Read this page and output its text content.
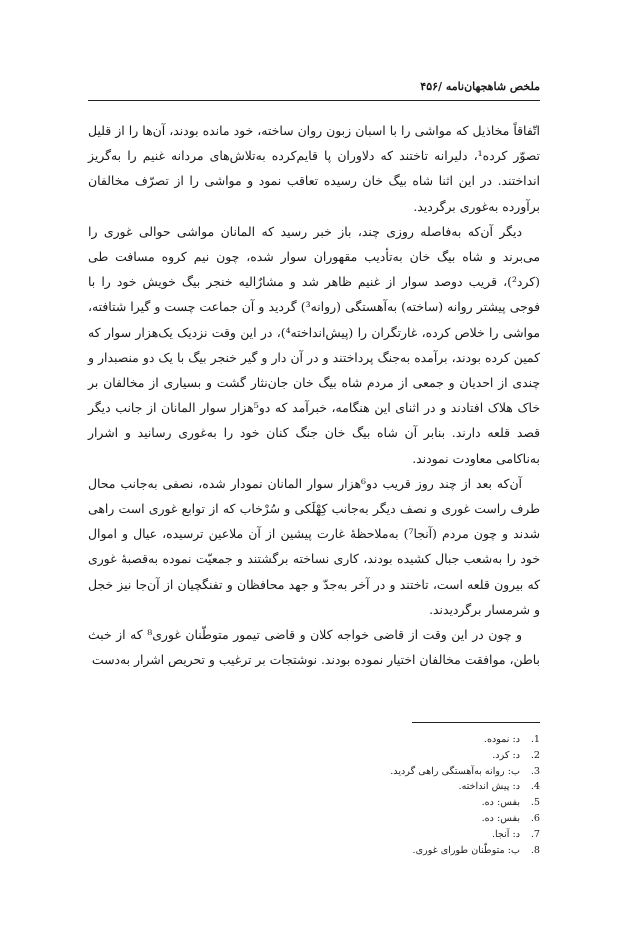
ملخص شاهجهان‌نامه /۴۵۶

اتّفاقاً مخاذیل که مواشی را با اسبان زبون روان ساخته، خود مانده بودند، آن‌ها را از قلیل تصوّر کرده¹، دلیرانه تاختند که دلاوران پا قایم‌کرده به‌تلاش‌های مردانه غنیم را به‌گریز انداختند. در این اثنا شاه بیگ خان رسیده تعاقب نمود و مواشی را از تصرّف مخالفان برآورده به‌غوری برگردید.

دیگر آن‌که به‌فاصله روزی چند، باز خبر رسید که المانان مواشی حوالی غوری را می‌برند و شاه بیگ خان به‌تأدیب مقهوران سوار شده، چون نیم کروه مسافت طی (کرد²)، قریب دوصد سوار از غنیم ظاهر شد و مشارٌالیه خنجر بیگ خویش خود را با فوجی پیشتر روانه (ساخته) به‌آهستگی (روانه³) گردید و آن جماعت چست و گیرا شتافته، مواشی را خلاص کرده، غارتگران را (پیش‌انداخته⁴)، در این وقت نزدیک یک‌هزار سوار که کمین کرده بودند، برآمده به‌جنگ پرداختند و در آن دار و گیر خنجر بیگ با یک دو منصبدار و چندی از احدیان و جمعی از مردم شاه بیگ خان جان‌نثار گشت و بسیاری از مخالفان بر خاک هلاک افتادند و در اثنای این هنگامه، خبرآمد که دو⁵هزار سوار المانان از جانب دیگر قصد قلعه دارند. بنابر آن شاه بیگ خان جنگ کنان خود را به‌غوری رسانید و اشرار به‌ناکامی معاودت نمودند.

آن‌که بعد از چند روز قریب دو⁶هزار سوار المانان نمودار شده، نصفی به‌جانب محال طرف راست غوری و نصف دیگر به‌جانب کِهْلَکی و سُرْخاب که از توابع غوری است راهی شدند و چون مردم (آنجا⁷) به‌ملاحظهٔ غارت پیشین از آن ملاعین ترسیده، عیال و اموال خود را به‌شعب جبال کشیده بودند، کاری نساخته برگشتند و جمعیّت نموده به‌قصبهٔ غوری که بیرون قلعه است، تاختند و در آخر به‌جدّ و جهد محافظان و تفنگچیان از آن‌جا نیز خجل و شرمسار برگردیدند.

و چون در این وقت از قاضی خواجه کلان و قاضی تیمور متوطّنان غوری⁸ که از خبث باطن، موافقت مخالفان اختیار نموده بودند. نوشتجات بر ترغیب و تحریص اشرار به‌دست

1.
د: نموده.
2.
د: کرد.
3.
ب: روانه به‌آهستگی راهی گردید.
4.
د: پیش انداخته.
5.
بفس: ده.
6.
بفس: ده.
7.
د: آنجا.
8.
ب: متوطّنان طورای غوری.
